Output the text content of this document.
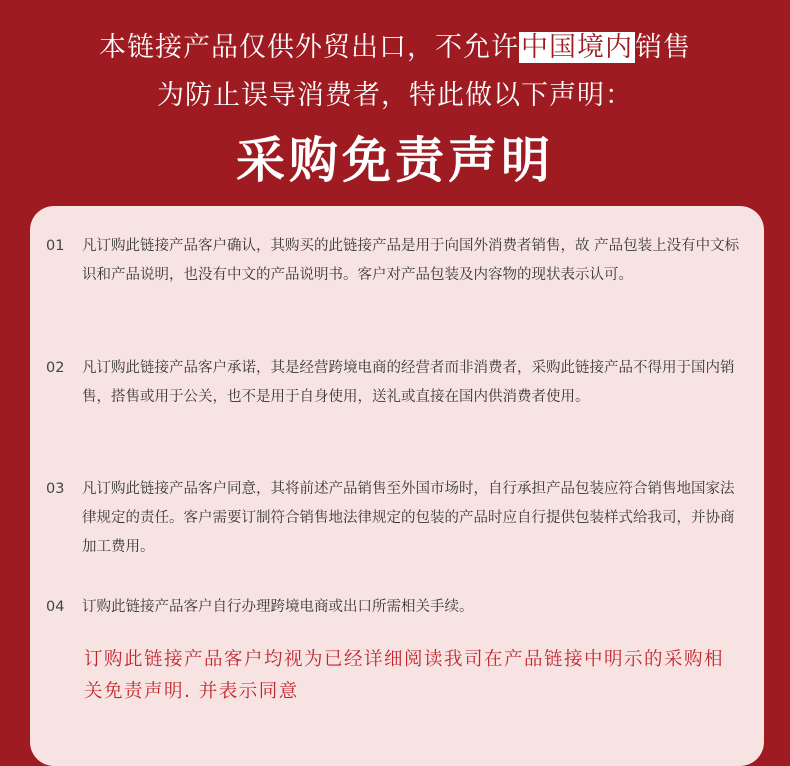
本链接产品仅供外贸出口，不允许中国境内销售
为防止误导消费者，特此做以下声明：
采购免责声明
01	凡订购此链接产品客户确认，其购买的此链接产品是用于向国外消费者销售，故 产品包装上没有中文标识和产品说明，也没有中文的产品说明书。客户对产品包装及内容物的现状表示认可。
02	凡订购此链接产品客户承诺，其是经营跨境电商的经营者而非消费者，采购此链接产品不得用于国内销售，搭售或用于公关，也不是用于自身使用，送礼或直接在国内供消费者使用。
03	凡订购此链接产品客户同意，其将前述产品销售至外国市场时，自行承担产品包装应符合销售地国家法律规定的责任。客户需要订制符合销售地法律规定的包装的产品时应自行提供包装样式给我司，并协商加工费用。
04	订购此链接产品客户自行办理跨境电商或出口所需相关手续。
订购此链接产品客户均视为已经详细阅读我司在产品链接中明示的采购相关免责声明. 并表示同意
